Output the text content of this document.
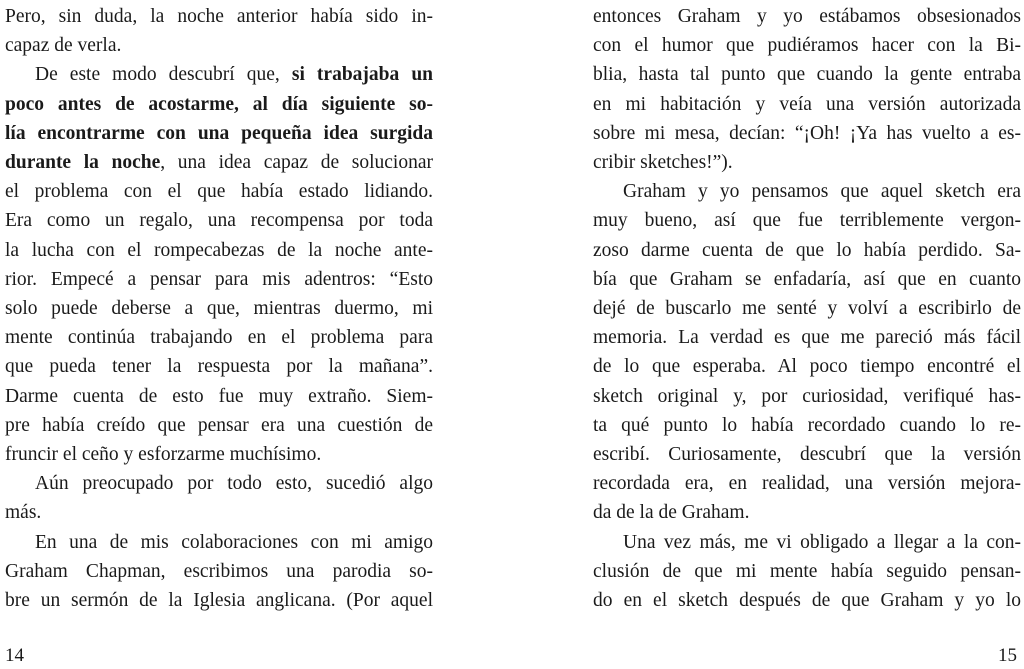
Pero, sin duda, la noche anterior había sido in-
capaz de verla.
De este modo descubrí que, si trabajaba un
poco antes de acostarme, al día siguiente so-
lía encontrarme con una pequeña idea surgida
durante la noche, una idea capaz de solucionar
el problema con el que había estado lidiando.
Era como un regalo, una recompensa por toda
la lucha con el rompecabezas de la noche ante-
rior. Empecé a pensar para mis adentros: “Esto
solo puede deberse a que, mientras duermo, mi
mente continúa trabajando en el problema para
que pueda tener la respuesta por la mañana”.
Darme cuenta de esto fue muy extraño. Siem-
pre había creído que pensar era una cuestión de
fruncir el ceño y esforzarme muchísimo.
Aún preocupado por todo esto, sucedió algo
más.
En una de mis colaboraciones con mi amigo
Graham Chapman, escribimos una parodia so-
bre un sermón de la Iglesia anglicana. (Por aquel
entonces Graham y yo estábamos obsesionados
con el humor que pudiéramos hacer con la Bi-
blia, hasta tal punto que cuando la gente entraba
en mi habitación y veía una versión autorizada
sobre mi mesa, decían: “¡Oh! ¡Ya has vuelto a es-
cribir sketches!”).
Graham y yo pensamos que aquel sketch era
muy bueno, así que fue terriblemente vergon-
zoso darme cuenta de que lo había perdido. Sa-
bía que Graham se enfadaría, así que en cuanto
dejé de buscarlo me senté y volví a escribirlo de
memoria. La verdad es que me pareció más fácil
de lo que esperaba. Al poco tiempo encontré el
sketch original y, por curiosidad, verifiqué has-
ta qué punto lo había recordado cuando lo re-
escribí. Curiosamente, descubrí que la versión
recordada era, en realidad, una versión mejora-
da de la de Graham.
Una vez más, me vi obligado a llegar a la con-
clusión de que mi mente había seguido pensan-
do en el sketch después de que Graham y yo lo
14	15
